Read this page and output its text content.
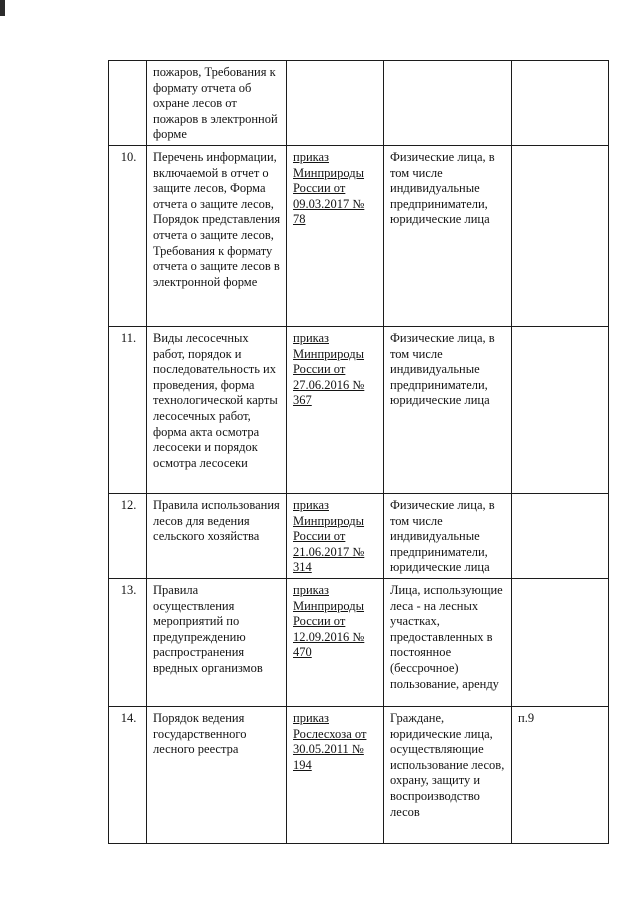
	пожаров, Требования к формату отчета об охране лесов от пожаров в электронной форме			
10.	Перечень информации, включаемой в отчет о защите лесов, Форма отчета о защите лесов, Порядок представления отчета о защите лесов, Требования к формату отчета о защите лесов в электронной форме	приказ Минприроды России от 09.03.2017 № 78	Физические лица, в том числе индивидуальные предприниматели, юридические лица	
11.	Виды лесосечных работ, порядок и последовательность их проведения, форма технологической карты лесосечных работ, форма акта осмотра лесосеки и порядок осмотра лесосеки	приказ Минприроды России от 27.06.2016 № 367	Физические лица, в том числе индивидуальные предприниматели, юридические лица	
12.	Правила использования лесов для ведения сельского хозяйства	приказ Минприроды России от 21.06.2017 № 314	Физические лица, в том числе индивидуальные предприниматели, юридические лица	
13.	Правила осуществления мероприятий по предупреждению распространения вредных организмов	приказ Минприроды России от 12.09.2016 № 470	Лица, использующие леса - на лесных участках, предоставленных в постоянное (бессрочное) пользование, аренду	
14.	Порядок ведения государственного лесного реестра	приказ Рослесхоза от 30.05.2011 № 194	Граждане, юридические лица, осуществляющие использование лесов, охрану, защиту и воспроизводство лесов	п.9
